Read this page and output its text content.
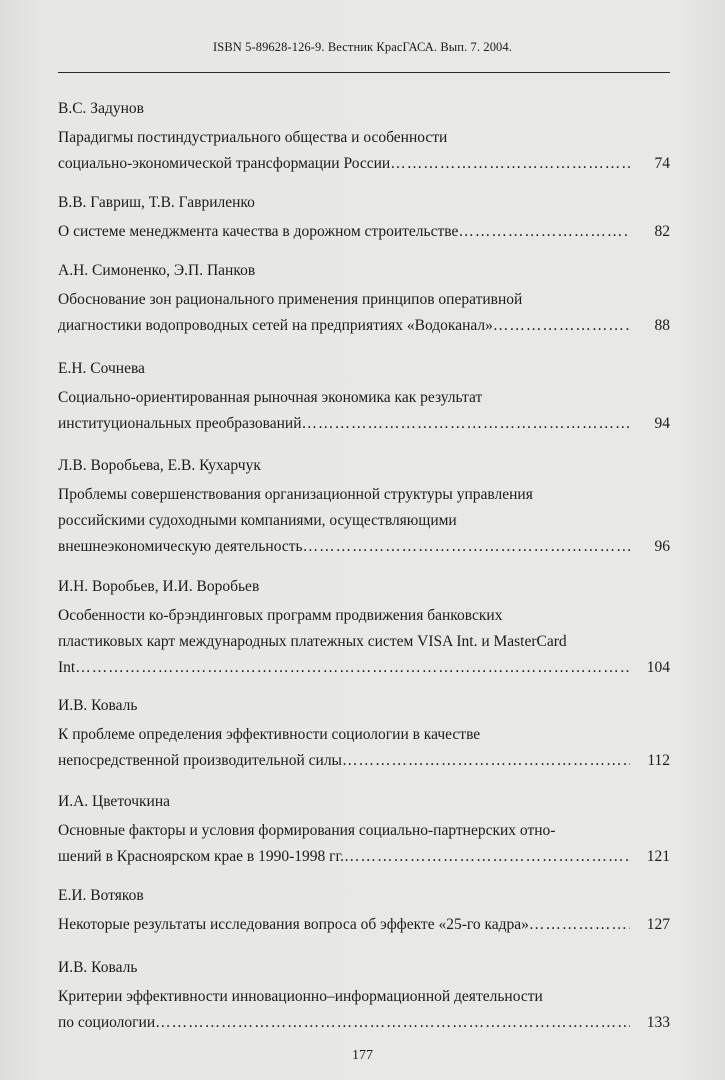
ISBN 5-89628-126-9. Вестник КрасГАСА. Вып. 7. 2004.
В.С. Задунов
Парадигмы постиндустриального общества и особенности
социально-экономической трансформации России ………………………………………………………………………………………………………………………………………………………………	74
В.В. Гавриш, Т.В. Гавриленко
О системе менеджмента качества в дорожном строительстве ………………………………………………………………………………………………………………………………………………………………	82
А.Н. Симоненко, Э.П. Панков
Обоснование зон рационального применения принципов оперативной
диагностики водопроводных сетей на предприятиях «Водоканал» ………………………………………………………………………………………………………………………………………………………………	88
Е.Н. Сочнева
Социально-ориентированная рыночная экономика как результат
институциональных преобразований ………………………………………………………………………………………………………………………………………………………………	94
Л.В. Воробьева, Е.В. Кухарчук
Проблемы совершенствования организационной структуры управления
российскими судоходными компаниями, осуществляющими
внешнеэкономическую деятельность ………………………………………………………………………………………………………………………………………………………………	96
И.Н. Воробьев, И.И. Воробьев
Особенности ко-брэндинговых программ продвижения банковских
пластиковых карт международных платежных систем VISA Int. и MasterCard
Int ………………………………………………………………………………………………………………………………………………………………	104
И.В. Коваль
К проблеме определения эффективности социологии в качестве
непосредственной производительной силы ………………………………………………………………………………………………………………………………………………………………	112
И.А. Цветочкина
Основные факторы и условия формирования социально-партнерских отно-
шений в Красноярском крае в 1990-1998 гг. ………………………………………………………………………………………………………………………………………………………………	121
Е.И. Вотяков
Некоторые результаты исследования вопроса об эффекте «25-го кадра» ………………………………………………………………………………………………………………………………………………………………	127
И.В. Коваль
Критерии эффективности инновационно–информационной деятельности
по социологии ………………………………………………………………………………………………………………………………………………………………	133
177
